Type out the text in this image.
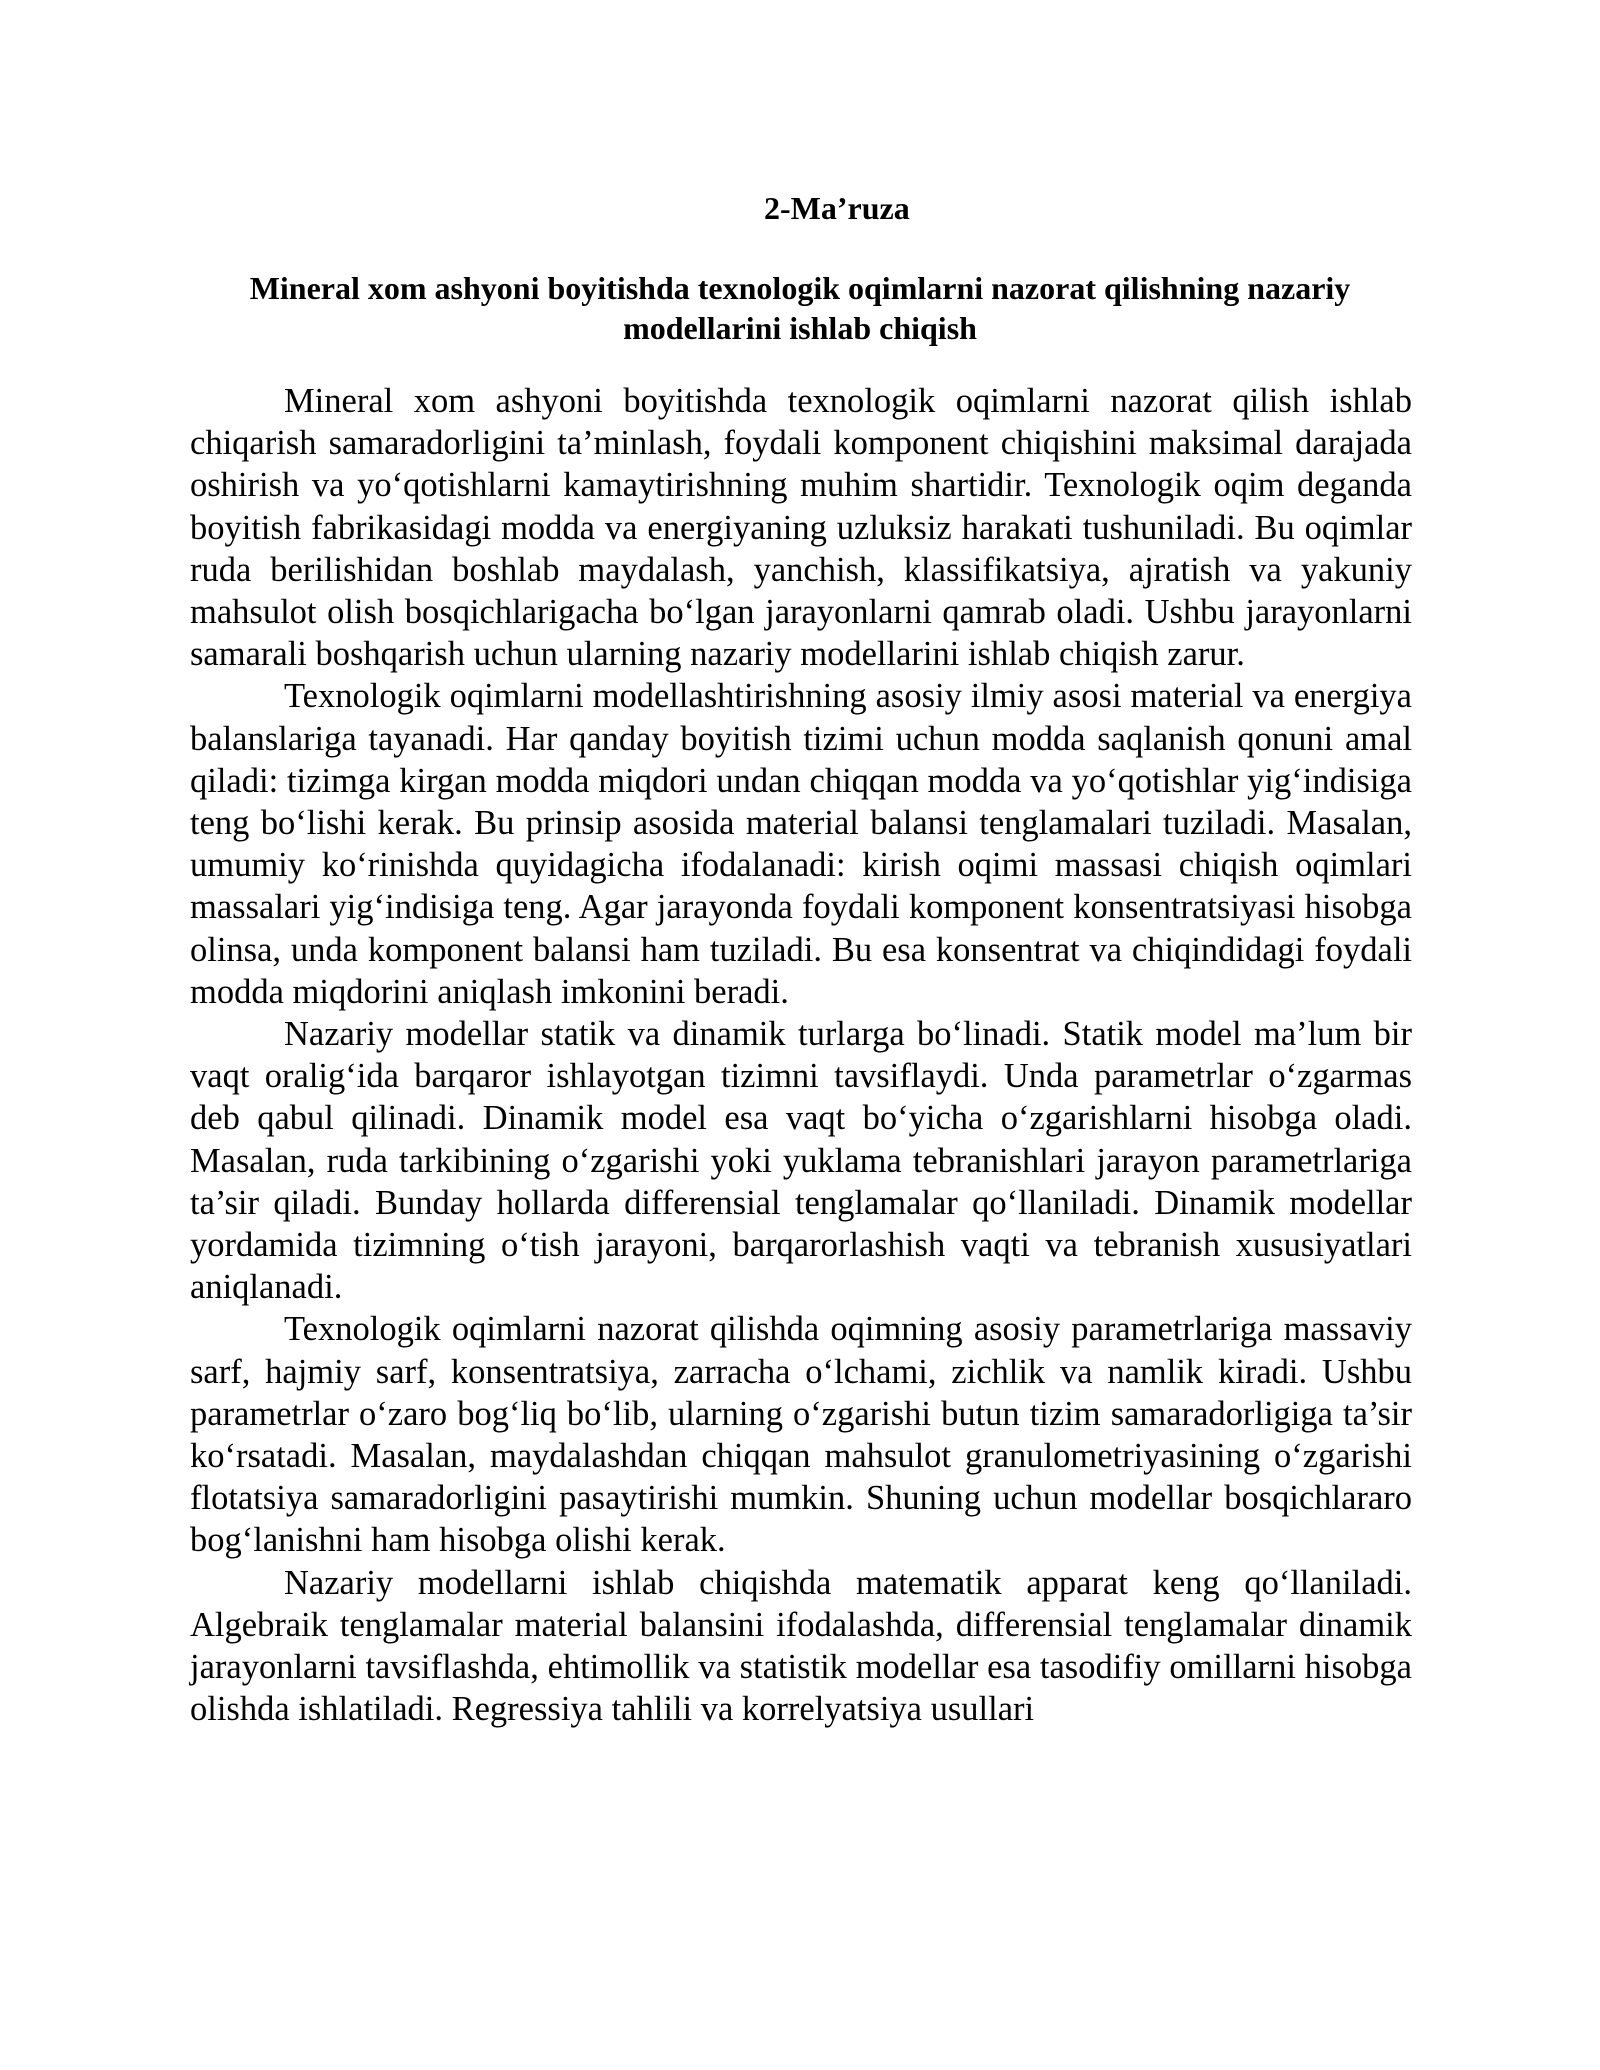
2-Ma’ruza
Mineral xom ashyoni boyitishda texnologik oqimlarni nazorat qilishning nazariy modellarini ishlab chiqish

Mineral xom ashyoni boyitishda texnologik oqimlarni nazorat qilish ishlab chiqarish samaradorligini ta’minlash, foydali komponent chiqishini maksimal darajada oshirish va yo‘qotishlarni kamaytirishning muhim shartidir. Texnologik oqim deganda boyitish fabrikasidagi modda va energiyaning uzluksiz harakati tushuniladi. Bu oqimlar ruda berilishidan boshlab maydalash, yanchish, klassifikatsiya, ajratish va yakuniy mahsulot olish bosqichlarigacha bo‘lgan jarayonlarni qamrab oladi. Ushbu jarayonlarni samarali boshqarish uchun ularning nazariy modellarini ishlab chiqish zarur.

Texnologik oqimlarni modellashtirishning asosiy ilmiy asosi material va energiya balanslariga tayanadi. Har qanday boyitish tizimi uchun modda saqlanish qonuni amal qiladi: tizimga kirgan modda miqdori undan chiqqan modda va yo‘qotishlar yig‘indisiga teng bo‘lishi kerak. Bu prinsip asosida material balansi tenglamalari tuziladi. Masalan, umumiy ko‘rinishda quyidagicha ifodalanadi: kirish oqimi massasi chiqish oqimlari massalari yig‘indisiga teng. Agar jarayonda foydali komponent konsentratsiyasi hisobga olinsa, unda komponent balansi ham tuziladi. Bu esa konsentrat va chiqindidagi foydali modda miqdorini aniqlash imkonini beradi.

Nazariy modellar statik va dinamik turlarga bo‘linadi. Statik model ma’lum bir vaqt oralig‘ida barqaror ishlayotgan tizimni tavsiflaydi. Unda parametrlar o‘zgarmas deb qabul qilinadi. Dinamik model esa vaqt bo‘yicha o‘zgarishlarni hisobga oladi. Masalan, ruda tarkibining o‘zgarishi yoki yuklama tebranishlari jarayon parametrlariga ta’sir qiladi. Bunday hollarda differensial tenglamalar qo‘llaniladi. Dinamik modellar yordamida tizimning o‘tish jarayoni, barqarorlashish vaqti va tebranish xususiyatlari aniqlanadi.

Texnologik oqimlarni nazorat qilishda oqimning asosiy parametrlariga massaviy sarf, hajmiy sarf, konsentratsiya, zarracha o‘lchami, zichlik va namlik kiradi. Ushbu parametrlar o‘zaro bog‘liq bo‘lib, ularning o‘zgarishi butun tizim samaradorligiga ta’sir ko‘rsatadi. Masalan, maydalashdan chiqqan mahsulot granulometriyasining o‘zgarishi flotatsiya samaradorligini pasaytirishi mumkin. Shuning uchun modellar bosqichlararo bog‘lanishni ham hisobga olishi kerak.

Nazariy modellarni ishlab chiqishda matematik apparat keng qo‘llaniladi. Algebraik tenglamalar material balansini ifodalashda, differensial tenglamalar dinamik jarayonlarni tavsiflashda, ehtimollik va statistik modellar esa tasodifiy omillarni hisobga olishda ishlatiladi. Regressiya tahlili va korrelyatsiya usullari
